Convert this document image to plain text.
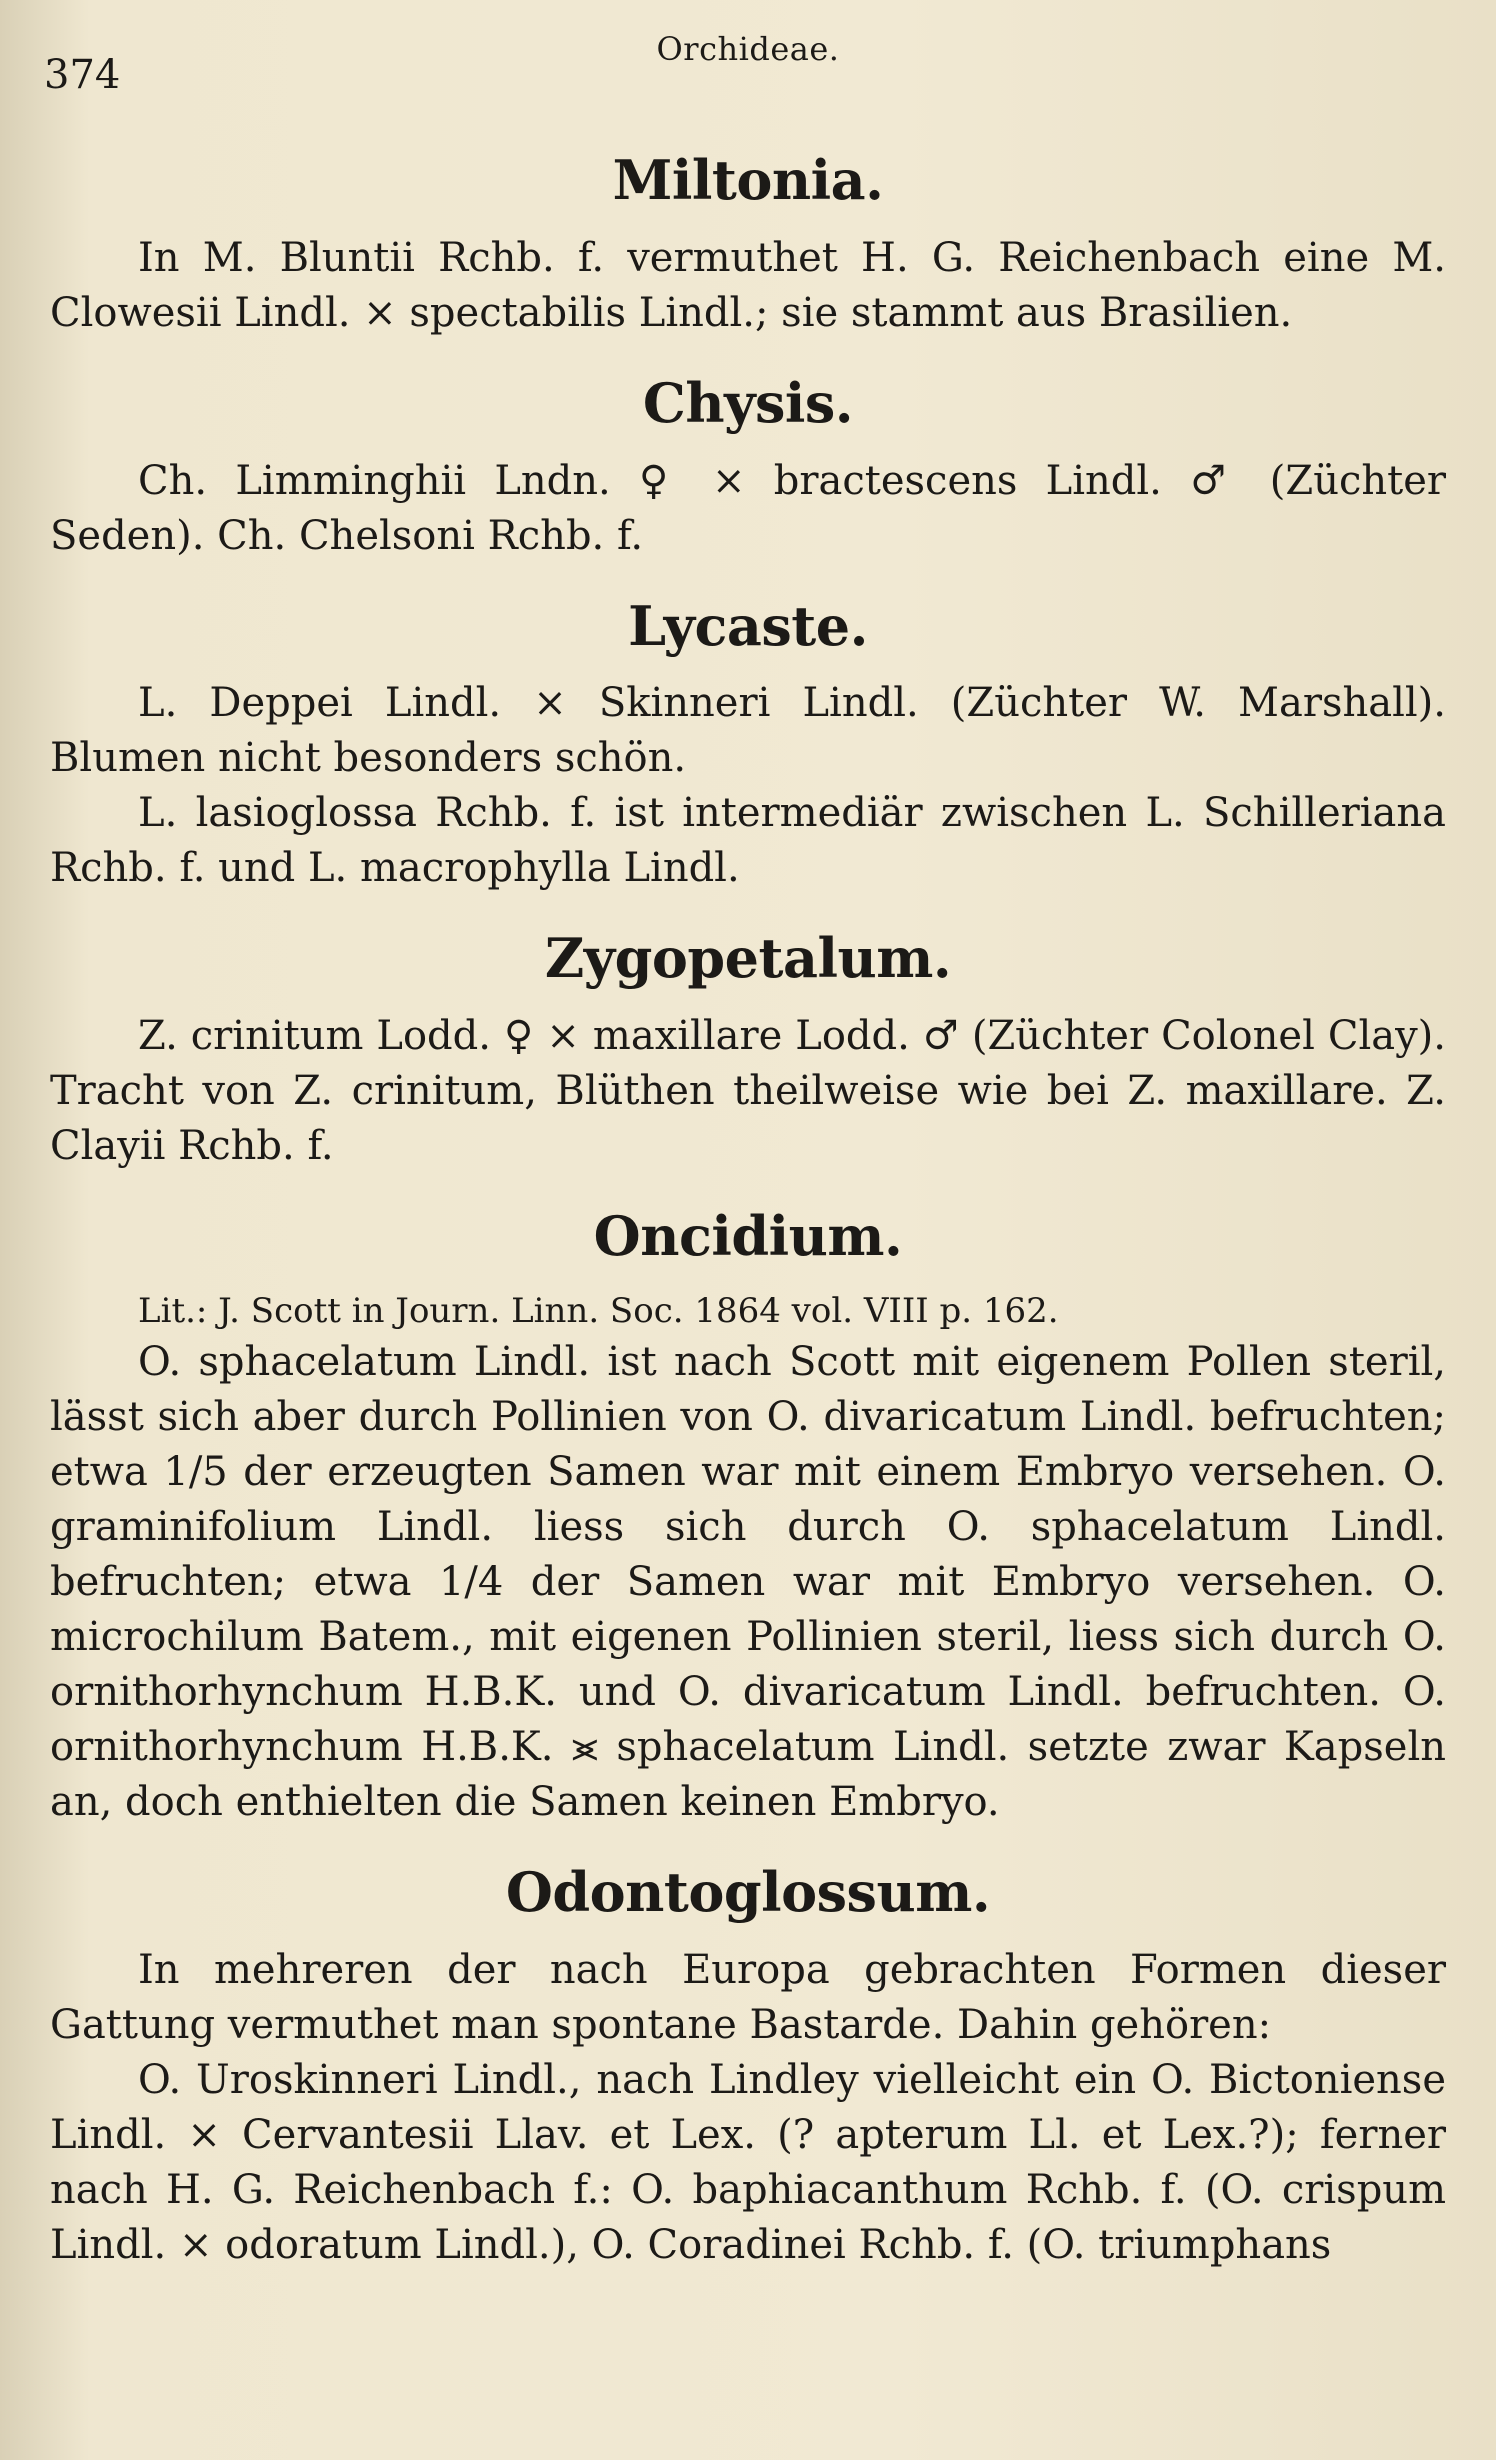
374
Orchideae.
Miltonia.

In M. Bluntii Rchb. f. vermuthet H. G. Reichenbach eine M. Clowesii Lindl. × spectabilis Lindl.; sie stammt aus Brasilien.

Chysis.

Ch. Limminghii Lndn. ♀ × bractescens Lindl. ♂ (Züchter Seden). Ch. Chelsoni Rchb. f.

Lycaste.

L. Deppei Lindl. × Skinneri Lindl. (Züchter W. Marshall). Blumen nicht besonders schön.

L. lasioglossa Rchb. f. ist intermediär zwischen L. Schilleriana Rchb. f. und L. macrophylla Lindl.

Zygopetalum.

Z. crinitum Lodd. ♀ × maxillare Lodd. ♂ (Züchter Colonel Clay). Tracht von Z. crinitum, Blüthen theilweise wie bei Z. maxillare. Z. Clayii Rchb. f.

Oncidium.

Lit.: J. Scott in Journ. Linn. Soc. 1864 vol. VIII p. 162.

O. sphacelatum Lindl. ist nach Scott mit eigenem Pollen steril, lässt sich aber durch Pollinien von O. divaricatum Lindl. befruchten; etwa 1/5 der erzeugten Samen war mit einem Embryo versehen. O. graminifolium Lindl. liess sich durch O. sphacelatum Lindl. befruchten; etwa 1/4 der Samen war mit Embryo versehen. O. microchilum Batem., mit eigenen Pollinien steril, liess sich durch O. ornithorhynchum H.B.K. und O. divaricatum Lindl. befruchten. O. ornithorhynchum H.B.K. ⪤ sphacelatum Lindl. setzte zwar Kapseln an, doch enthielten die Samen keinen Embryo.

Odontoglossum.

In mehreren der nach Europa gebrachten Formen dieser Gattung vermuthet man spontane Bastarde. Dahin gehören:

O. Uroskinneri Lindl., nach Lindley vielleicht ein O. Bictoniense Lindl. × Cervantesii Llav. et Lex. (? apterum Ll. et Lex.?); ferner nach H. G. Reichenbach f.: O. baphiacanthum Rchb. f. (O. crispum Lindl. × odoratum Lindl.), O. Coradinei Rchb. f. (O. triumphans
